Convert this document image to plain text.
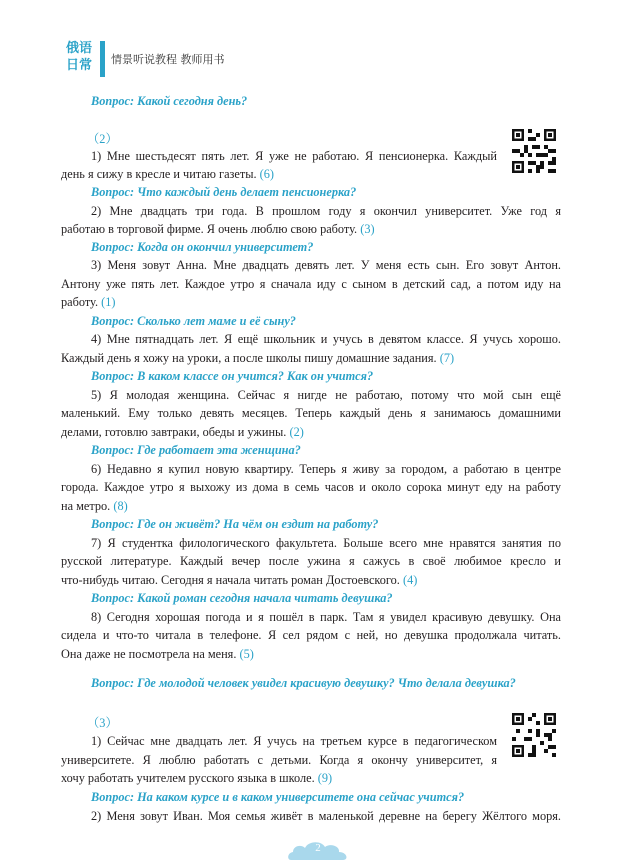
俄语
日常	情景听说教程 教师用书
Вопрос: Какой сегодня день?
（2）
1) Мне шестьдесят пять лет. Я уже не работаю. Я пенсионерка. Каждый
день я сижу в кресле и читаю газеты. (6)
Вопрос: Что каждый день делает пенсионерка?
2) Мне двадцать три года. В прошлом году я окончил университет. Уже год я
работаю в торговой фирме. Я очень люблю свою работу. (3)
Вопрос: Когда он окончил университет?
3) Меня зовут Анна. Мне двадцать девять лет. У меня есть сын. Его зовут Антон.
Антону уже пять лет. Каждое утро я сначала иду с сыном в детский сад, а потом иду на
работу. (1)
Вопрос: Сколько лет маме и её сыну?
4) Мне пятнадцать лет. Я ещё школьник и учусь в девятом классе. Я учусь хорошо.
Каждый день я хожу на уроки, а после школы пишу домашние задания. (7)
Вопрос: В каком классе он учится? Как он учится?
5) Я молодая женщина. Сейчас я нигде не работаю, потому что мой сын ещё
маленький. Ему только девять месяцев. Теперь каждый день я занимаюсь домашними
делами, готовлю завтраки, обеды и ужины. (2)
Вопрос: Где работает эта женщина?
6) Недавно я купил новую квартиру. Теперь я живу за городом, а работаю в центре
города. Каждое утро я выхожу из дома в семь часов и около сорока минут еду на работу
на метро. (8)
Вопрос: Где он живёт? На чём он ездит на работу?
7) Я студентка филологического факультета. Больше всего мне нравятся занятия по
русской литературе. Каждый вечер после ужина я сажусь в своё любимое кресло и
что-нибудь читаю. Сегодня я начала читать роман Достоевского. (4)
Вопрос: Какой роман сегодня начала читать девушка?
8) Сегодня хорошая погода и я пошёл в парк. Там я увидел красивую девушку. Она
сидела и что-то читала в телефоне. Я сел рядом с ней, но девушка продолжала читать.
Она даже не посмотрела на меня. (5)
Вопрос: Где молодой человек увидел красивую девушку? Что делала девушка?
（3）
1) Сейчас мне двадцать лет. Я учусь на третьем курсе в педагогическом
университете. Я люблю работать с детьми. Когда я окончу университет, я
хочу работать учителем русского языка в школе. (9)
Вопрос: На каком курсе и в каком университете она сейчас учится?
2) Меня зовут Иван. Моя семья живёт в маленькой деревне на берегу Жёлтого моря.
2
